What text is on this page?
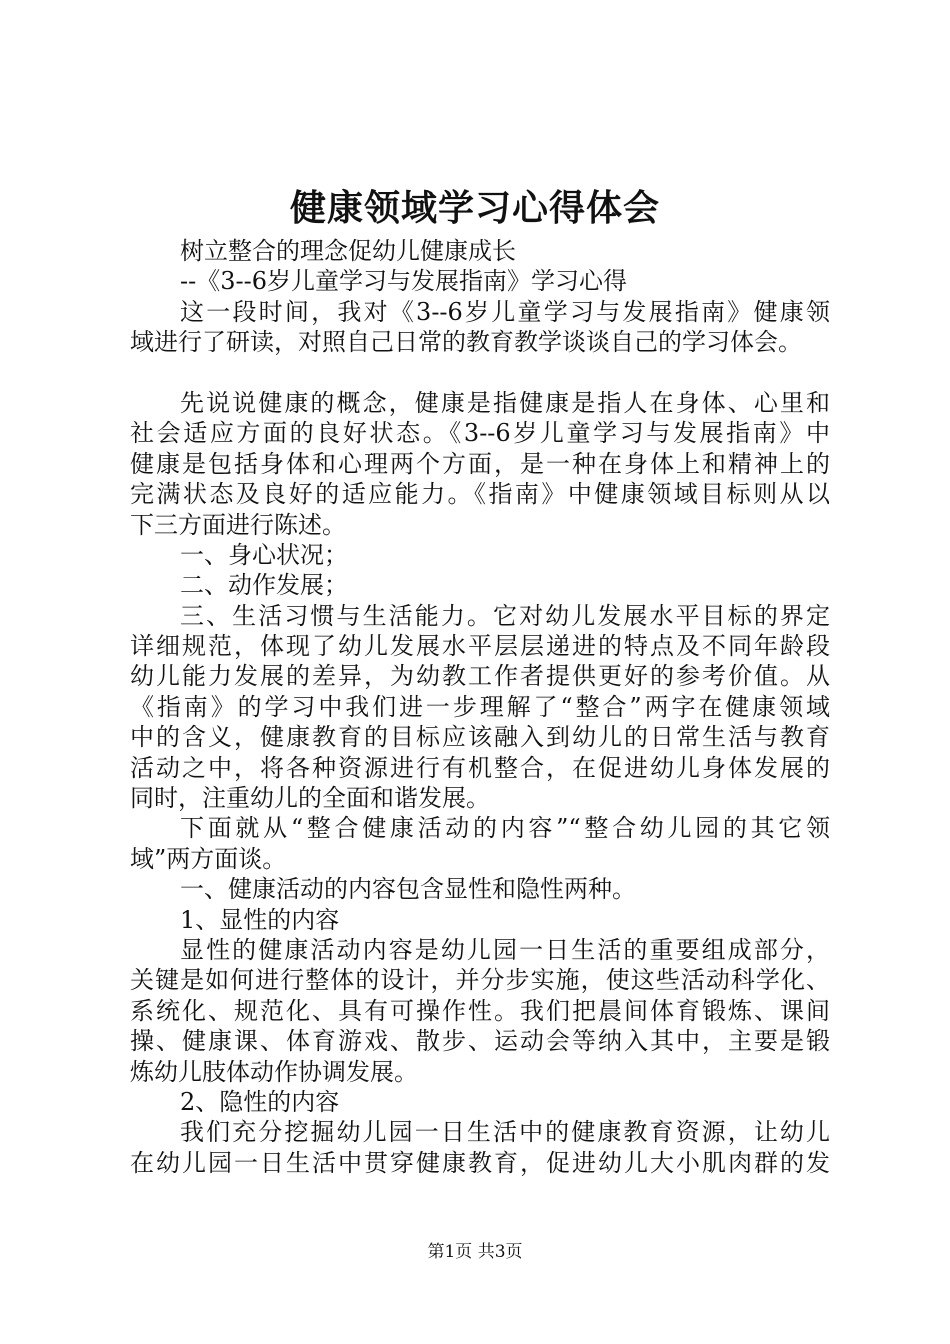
健康领域学习心得体会
树立整合的理念促幼儿健康成长
--《3--6岁儿童学习与发展指南》学习心得
这一段时间，我对《3--6岁儿童学习与发展指南》健康领
域进行了研读，对照自己日常的教育教学谈谈自己的学习体会。
先说说健康的概念，健康是指健康是指人在身体、心里和
社会适应方面的良好状态。《3--6岁儿童学习与发展指南》中
健康是包括身体和心理两个方面，是一种在身体上和精神上的
完满状态及良好的适应能力。《指南》中健康领域目标则从以
下三方面进行陈述。
一、身心状况；
二、动作发展；
三、生活习惯与生活能力。它对幼儿发展水平目标的界定
详细规范，体现了幼儿发展水平层层递进的特点及不同年龄段
幼儿能力发展的差异，为幼教工作者提供更好的参考价值。从
《指南》的学习中我们进一步理解了“整合”两字在健康领域
中的含义，健康教育的目标应该融入到幼儿的日常生活与教育
活动之中，将各种资源进行有机整合，在促进幼儿身体发展的
同时，注重幼儿的全面和谐发展。
下面就从“整合健康活动的内容”“整合幼儿园的其它领
域”两方面谈。
一、健康活动的内容包含显性和隐性两种。
1、显性的内容
显性的健康活动内容是幼儿园一日生活的重要组成部分，
关键是如何进行整体的设计，并分步实施，使这些活动科学化、
系统化、规范化、具有可操作性。我们把晨间体育锻炼、课间
操、健康课、体育游戏、散步、运动会等纳入其中，主要是锻
炼幼儿肢体动作协调发展。
2、隐性的内容
我们充分挖掘幼儿园一日生活中的健康教育资源，让幼儿
在幼儿园一日生活中贯穿健康教育，促进幼儿大小肌肉群的发
第1页 共3页
